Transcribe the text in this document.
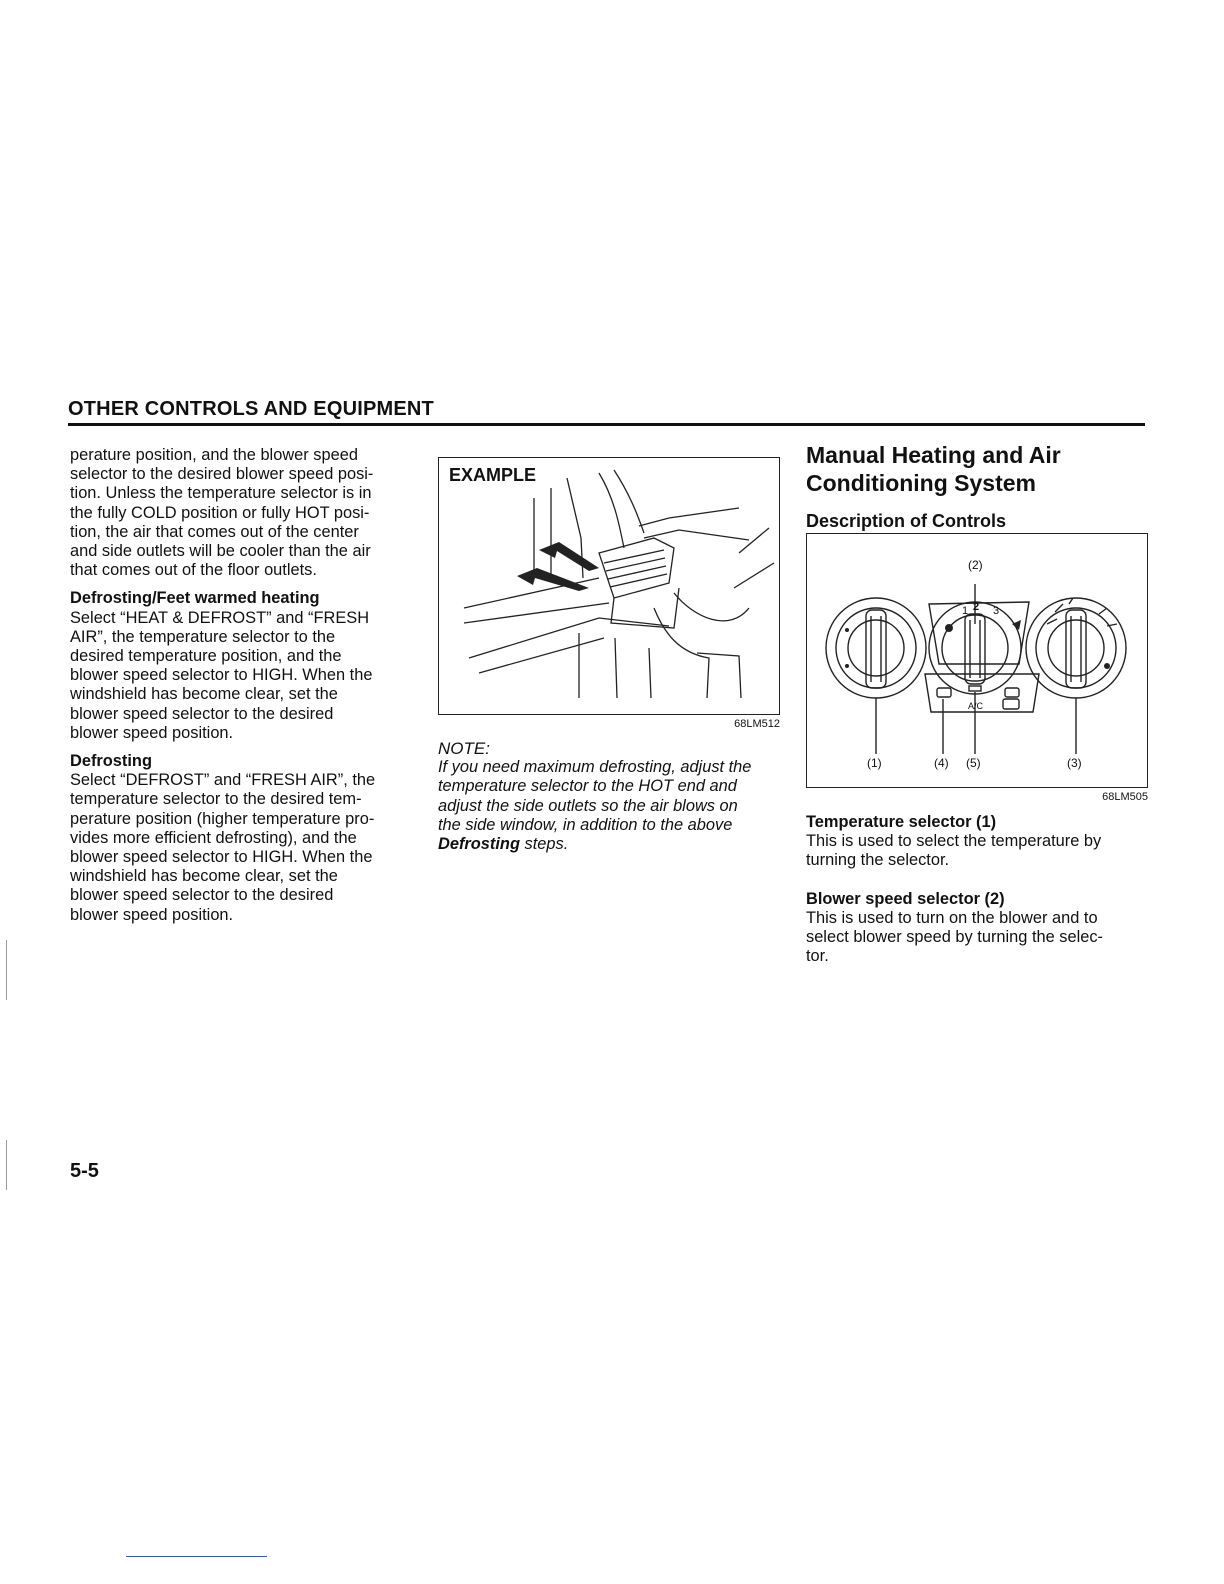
OTHER CONTROLS AND EQUIPMENT

perature position, and the blower speed
selector to the desired blower speed posi-
tion. Unless the temperature selector is in
the fully COLD position or fully HOT posi-
tion, the air that comes out of the center
and side outlets will be cooler than the air
that comes out of the floor outlets.

Defrosting/Feet warmed heating

Select “HEAT & DEFROST” and “FRESH
AIR”, the temperature selector to the
desired temperature position, and the
blower speed selector to HIGH. When the
windshield has become clear, set the
blower speed selector to the desired
blower speed position.

Defrosting

Select “DEFROST” and “FRESH AIR”, the
temperature selector to the desired tem-
perature position (higher temperature pro-
vides more efficient defrosting), and the
blower speed selector to HIGH. When the
windshield has become clear, set the
blower speed selector to the desired
blower speed position.

EXAMPLE
68LM512

NOTE:

If you need maximum defrosting, adjust the
temperature selector to the HOT end and
adjust the side outlets so the air blows on
the side window, in addition to the above
Defrosting steps.

Manual Heating and Air
Conditioning System

Description of Controls

(2)
1 2 3
A/C
(1)	(4) (5)	(3)
68LM505

Temperature selector (1)

This is used to select the temperature by
turning the selector.

Blower speed selector (2)

This is used to turn on the blower and to
select blower speed by turning the selec-
tor.

5-5
